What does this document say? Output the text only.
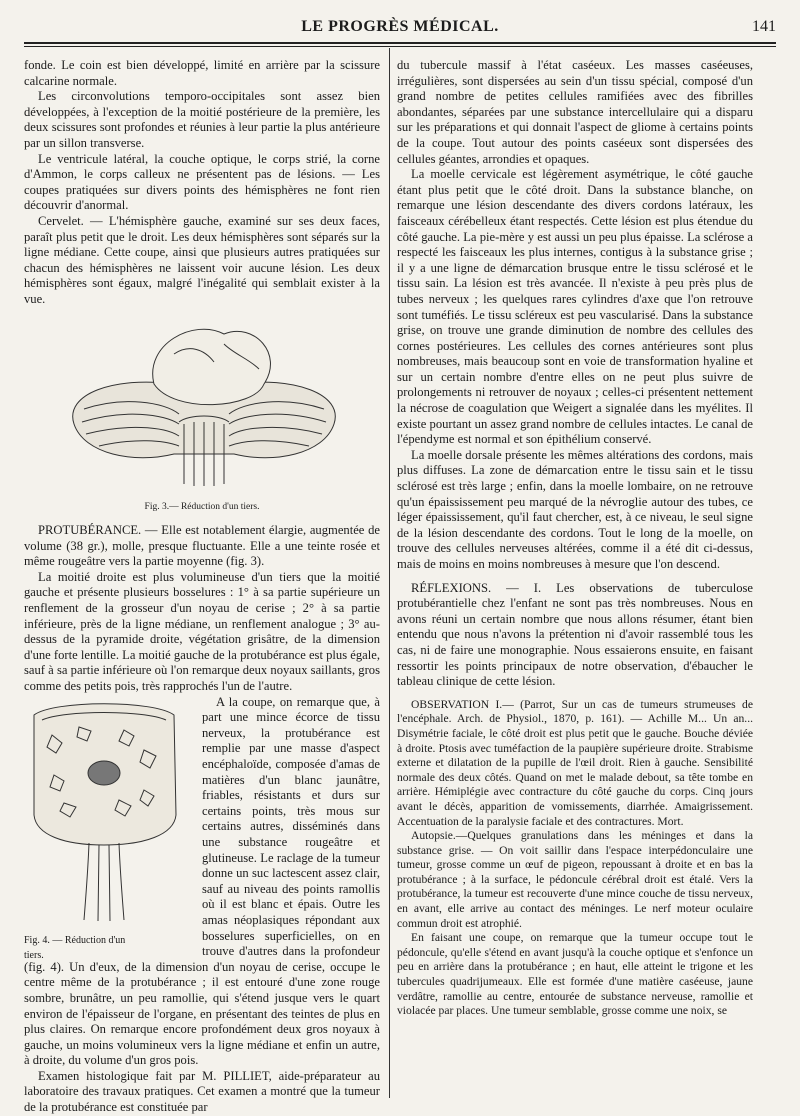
LE PROGRÈS MÉDICAL.	141

fonde. Le coin est bien développé, limité en arrière par la scissure calcarine normale.

Les circonvolutions temporo-occipitales sont assez bien développées, à l'exception de la moitié postérieure de la première, les deux scissures sont profondes et réunies à leur partie la plus antérieure par un sillon transverse.

Le ventricule latéral, la couche optique, le corps strié, la corne d'Ammon, le corps calleux ne présentent pas de lésions. — Les coupes pratiquées sur divers points des hémisphères ne font rien découvrir d'anormal.

Cervelet. — L'hémisphère gauche, examiné sur ses deux faces, paraît plus petit que le droit. Les deux hémisphères sont séparés sur la ligne médiane. Cette coupe, ainsi que plusieurs autres pratiquées sur chacun des hémisphères ne laissent voir aucune lésion. Les deux hémisphères sont égaux, malgré l'inégalité qui semblait exister à la vue.

Fig. 3.— Réduction d'un tiers.

PROTUBÉRANCE. — Elle est notablement élargie, augmentée de volume (38 gr.), molle, presque fluctuante. Elle a une teinte rosée et même rougeâtre vers la partie moyenne (fig. 3).

La moitié droite est plus volumineuse d'un tiers que la moitié gauche et présente plusieurs bosselures : 1° à sa partie supérieure un renflement de la grosseur d'un noyau de cerise ; 2° à sa partie inférieure, près de la ligne médiane, un renflement analogue ; 3° au-dessus de la pyramide droite, végétation grisâtre, de la dimension d'une forte lentille. La moitié gauche de la protubérance est plus égale, sauf à sa partie inférieure où l'on remarque deux noyaux saillants, gros comme des petits pois, très rapprochés l'un de l'autre.

Fig. 4. — Réduction d'un tiers.

A la coupe, on remarque que, à part une mince écorce de tissu nerveux, la protubérance est remplie par une masse d'aspect encéphaloïde, composée d'amas de matières d'un blanc jaunâtre, friables, résistants et durs sur certains points, très mous sur certains autres, disséminés dans une substance rougeâtre et glutineuse. Le raclage de la tumeur donne un suc lactescent assez clair, sauf au niveau des points ramollis où il est blanc et épais. Outre les amas néoplasiques répondant aux bosselures superficielles, on en trouve d'autres dans la profondeur (fig. 4). Un d'eux, de la dimension d'un noyau de cerise, occupe le centre même de la protubérance ; il est entouré d'une zone rouge sombre, brunâtre, un peu ramollie, qui s'étend jusque vers le quart environ de l'épaisseur de l'organe, en présentant des teintes de plus en plus claires. On remarque encore profondément deux gros noyaux à gauche, un moins volumineux vers la ligne médiane et enfin un autre, à droite, du volume d'un gros pois.

Examen histologique fait par M. PILLIET, aide-préparateur au laboratoire des travaux pratiques. Cet examen a montré que la tumeur de la protubérance est constituée par

du tubercule massif à l'état caséeux. Les masses caséeuses, irrégulières, sont dispersées au sein d'un tissu spécial, composé d'un grand nombre de petites cellules ramifiées avec des fibrilles abondantes, séparées par une substance intercellulaire qui a disparu sur les préparations et qui donnait l'aspect de gliome à certains points de la coupe. Tout autour des points caséeux sont dispersées des cellules géantes, arrondies et opaques.

La moelle cervicale est légèrement asymétrique, le côté gauche étant plus petit que le côté droit. Dans la substance blanche, on remarque une lésion descendante des divers cordons latéraux, les faisceaux cérébelleux étant respectés. Cette lésion est plus étendue du côté gauche. La pie-mère y est aussi un peu plus épaisse. La sclérose a respecté les faisceaux les plus internes, contigus à la substance grise ; il y a une ligne de démarcation brusque entre le tissu sclérosé et le tissu sain. La lésion est très avancée. Il n'existe à peu près plus de tubes nerveux ; les quelques rares cylindres d'axe que l'on retrouve sont tuméfiés. Le tissu scléreux est peu vascularisé. Dans la substance grise, on trouve une grande diminution de nombre des cellules des cornes postérieures. Les cellules des cornes antérieures sont plus nombreuses, mais beaucoup sont en voie de transformation hyaline et sur un certain nombre d'entre elles on ne peut plus suivre de prolongements ni retrouver de noyaux ; celles-ci présentent nettement la nécrose de coagulation que Weigert a signalée dans les myélites. Il existe pourtant un assez grand nombre de cellules intactes. Le canal de l'épendyme est normal et son épithélium conservé.

La moelle dorsale présente les mêmes altérations des cordons, mais plus diffuses. La zone de démarcation entre le tissu sain et le tissu sclérosé est très large ; enfin, dans la moelle lombaire, on ne retrouve qu'un épaississement peu marqué de la névroglie autour des tubes, ce léger épaississement, qu'il faut chercher, est, à ce niveau, le seul signe de la lésion descendante des cordons. Tout le long de la moelle, on trouve des cellules nerveuses altérées, comme il a été dit ci-dessus, mais de moins en moins nombreuses à mesure que l'on descend.

RÉFLEXIONS. — I. Les observations de tuberculose protubérantielle chez l'enfant ne sont pas très nombreuses. Nous en avons réuni un certain nombre que nous allons résumer, étant bien entendu que nous n'avons la prétention ni d'avoir rassemblé tous les cas, ni de faire une monographie. Nous essaierons ensuite, en faisant ressortir les points principaux de notre observation, d'ébaucher le tableau clinique de cette lésion.

OBSERVATION I.— (Parrot, Sur un cas de tumeurs strumeuses de l'encéphale. Arch. de Physiol., 1870, p. 161). — Achille M... Un an... Disymétrie faciale, le côté droit est plus petit que le gauche. Bouche déviée à droite. Ptosis avec tuméfaction de la paupière supérieure droite. Strabisme externe et dilatation de la pupille de l'œil droit. Rien à gauche. Sensibilité normale des deux côtés. Quand on met le malade debout, sa tête tombe en arrière. Hémiplégie avec contracture du côté gauche du corps. Cinq jours avant le décès, apparition de vomissements, diarrhée. Amaigrissement. Accentuation de la paralysie faciale et des contractures. Mort.

Autopsie.—Quelques granulations dans les méninges et dans la substance grise. — On voit saillir dans l'espace interpédonculaire une tumeur, grosse comme un œuf de pigeon, repoussant à droite et en bas la protubérance ; à la surface, le pédoncule cérébral droit est étalé. Vers la protubérance, la tumeur est recouverte d'une mince couche de tissu nerveux, en avant, elle arrive au contact des méninges. Le nerf moteur oculaire commun droit est atrophié.

En faisant une coupe, on remarque que la tumeur occupe tout le pédoncule, qu'elle s'étend en avant jusqu'à la couche optique et s'enfonce un peu en arrière dans la protubérance ; en haut, elle atteint le trigone et les tubercules quadrijumeaux. Elle est formée d'une matière caséeuse, jaune verdâtre, ramollie au centre, entourée de substance nerveuse, ramollie et violacée par places. Une tumeur semblable, grosse comme une noix, se
